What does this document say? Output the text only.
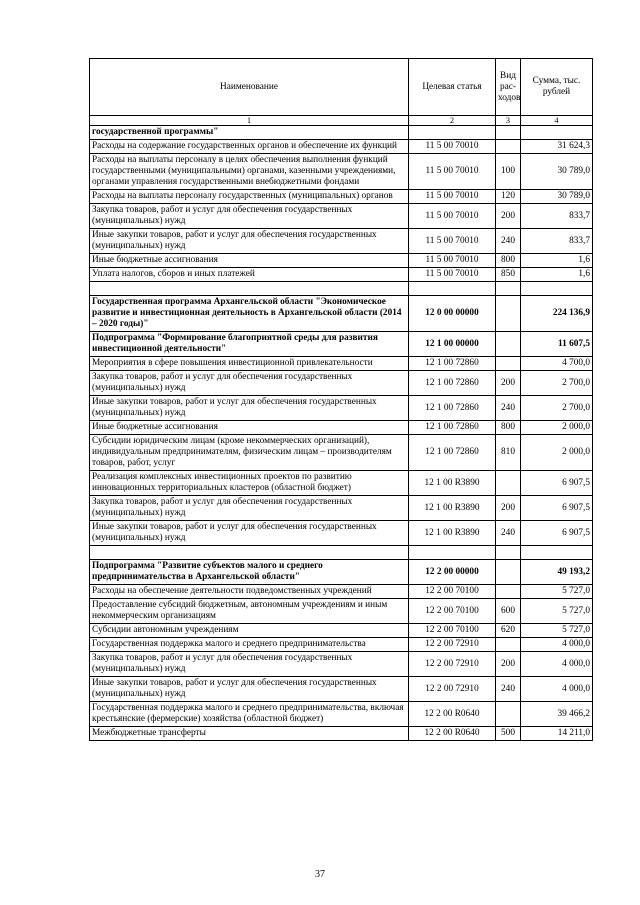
Наименование	Целевая статья	Вид рас-ходов	Сумма, тыс. рублей
1	2	3	4
государственной программы"			
Расходы на содержание государственных органов и обеспечение их функций	11 5 00 70010		31 624,3
Расходы на выплаты персоналу в целях обеспечения выполнения функций государственными (муниципальными) органами, казенными учреждениями, органами управления государственными внебюджетными фондами	11 5 00 70010	100	30 789,0
Расходы на выплаты персоналу государственных (муниципальных) органов	11 5 00 70010	120	30 789,0
Закупка товаров, работ и услуг для обеспечения государственных (муниципальных) нужд	11 5 00 70010	200	833,7
Иные закупки товаров, работ и услуг для обеспечения государственных (муниципальных) нужд	11 5 00 70010	240	833,7
Иные бюджетные ассигнования	11 5 00 70010	800	1,6
Уплата налогов, сборов и иных платежей	11 5 00 70010	850	1,6

Государственная программа Архангельской области "Экономическое развитие и инвестиционная деятельность в Архангельской области (2014 – 2020 годы)"	12 0 00 00000		224 136,9
Подпрограмма "Формирование благоприятной среды для развития инвестиционной деятельности"	12 1 00 00000		11 607,5
Мероприятия в сфере повышения инвестиционной привлекательности	12 1 00 72860		4 700,0
Закупка товаров, работ и услуг для обеспечения государственных (муниципальных) нужд	12 1 00 72860	200	2 700,0
Иные закупки товаров, работ и услуг для обеспечения государственных (муниципальных) нужд	12 1 00 72860	240	2 700,0
Иные бюджетные ассигнования	12 1 00 72860	800	2 000,0
Субсидии юридическим лицам (кроме некоммерческих организаций), индивидуальным предпринимателям, физическим лицам – производителям товаров, работ, услуг	12 1 00 72860	810	2 000,0
Реализация комплексных инвестиционных проектов по развитию инновационных территориальных кластеров (областной бюджет)	12 1 00 R3890		6 907,5
Закупка товаров, работ и услуг для обеспечения государственных (муниципальных) нужд	12 1 00 R3890	200	6 907,5
Иные закупки товаров, работ и услуг для обеспечения государственных (муниципальных) нужд	12 1 00 R3890	240	6 907,5

Подпрограмма "Развитие субъектов малого и среднего предпринимательства в Архангельской области"	12 2 00 00000		49 193,2
Расходы на обеспечение деятельности подведомственных учреждений	12 2 00 70100		5 727,0
Предоставление субсидий бюджетным, автономным учреждениям и иным некоммерческим организациям	12 2 00 70100	600	5 727,0
Субсидии автономным учреждениям	12 2 00 70100	620	5 727,0
Государственная поддержка малого и среднего предпринимательства	12 2 00 72910		4 000,0
Закупка товаров, работ и услуг для обеспечения государственных (муниципальных) нужд	12 2 00 72910	200	4 000,0
Иные закупки товаров, работ и услуг для обеспечения государственных (муниципальных) нужд	12 2 00 72910	240	4 000,0
Государственная поддержка малого и среднего предпринимательства, включая крестьянские (фермерские) хозяйства (областной бюджет)	12 2 00 R0640		39 466,2
Межбюджетные трансферты	12 2 00 R0640	500	14 211,0
37
